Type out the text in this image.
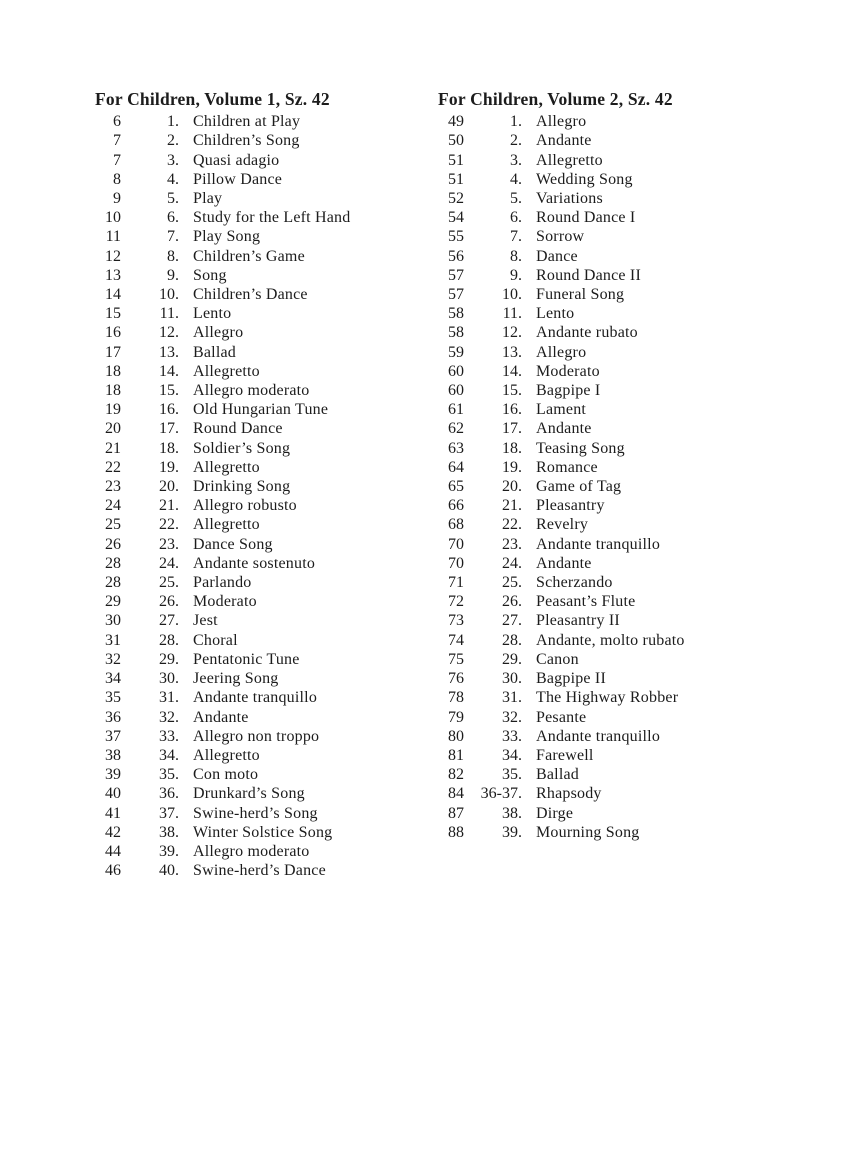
For Children, Volume 1, Sz. 42
6	1. Children at Play
7	2. Children’s Song
7	3. Quasi adagio
8	4. Pillow Dance
9	5. Play
10	6. Study for the Left Hand
11	7. Play Song
12	8. Children’s Game
13	9. Song
14	10. Children’s Dance
15	11. Lento
16	12. Allegro
17	13. Ballad
18	14. Allegretto
18	15. Allegro moderato
19	16. Old Hungarian Tune
20	17. Round Dance
21	18. Soldier’s Song
22	19. Allegretto
23	20. Drinking Song
24	21. Allegro robusto
25	22. Allegretto
26	23. Dance Song
28	24. Andante sostenuto
28	25. Parlando
29	26. Moderato
30	27. Jest
31	28. Choral
32	29. Pentatonic Tune
34	30. Jeering Song
35	31. Andante tranquillo
36	32. Andante
37	33. Allegro non troppo
38	34. Allegretto
39	35. Con moto
40	36. Drunkard’s Song
41	37. Swine-herd’s Song
42	38. Winter Solstice Song
44	39. Allegro moderato
46	40. Swine-herd’s Dance
For Children, Volume 2, Sz. 42
49	1. Allegro
50	2. Andante
51	3. Allegretto
51	4. Wedding Song
52	5. Variations
54	6. Round Dance I
55	7. Sorrow
56	8. Dance
57	9. Round Dance II
57	10. Funeral Song
58	11. Lento
58	12. Andante rubato
59	13. Allegro
60	14. Moderato
60	15. Bagpipe I
61	16. Lament
62	17. Andante
63	18. Teasing Song
64	19. Romance
65	20. Game of Tag
66	21. Pleasantry
68	22. Revelry
70	23. Andante tranquillo
70	24. Andante
71	25. Scherzando
72	26. Peasant’s Flute
73	27. Pleasantry II
74	28. Andante, molto rubato
75	29. Canon
76	30. Bagpipe II
78	31. The Highway Robber
79	32. Pesante
80	33. Andante tranquillo
81	34. Farewell
82	35. Ballad
84	36-37. Rhapsody
87	38. Dirge
88	39. Mourning Song
